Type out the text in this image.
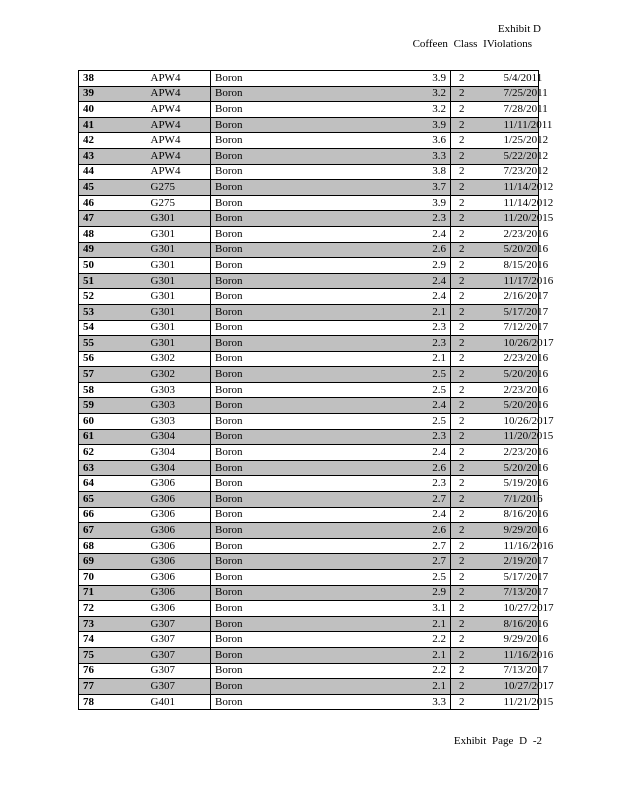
Exhibit D
Coffeen Class IViolations
38	APW4	Boron	3.9	2	5/4/2011
39	APW4	Boron	3.2	2	7/25/2011
40	APW4	Boron	3.2	2	7/28/2011
41	APW4	Boron	3.9	2	11/11/2011
42	APW4	Boron	3.6	2	1/25/2012
43	APW4	Boron	3.3	2	5/22/2012
44	APW4	Boron	3.8	2	7/23/2012
45	G275	Boron	3.7	2	11/14/2012
46	G275	Boron	3.9	2	11/14/2012
47	G301	Boron	2.3	2	11/20/2015
48	G301	Boron	2.4	2	2/23/2016
49	G301	Boron	2.6	2	5/20/2016
50	G301	Boron	2.9	2	8/15/2016
51	G301	Boron	2.4	2	11/17/2016
52	G301	Boron	2.4	2	2/16/2017
53	G301	Boron	2.1	2	5/17/2017
54	G301	Boron	2.3	2	7/12/2017
55	G301	Boron	2.3	2	10/26/2017
56	G302	Boron	2.1	2	2/23/2016
57	G302	Boron	2.5	2	5/20/2016
58	G303	Boron	2.5	2	2/23/2016
59	G303	Boron	2.4	2	5/20/2016
60	G303	Boron	2.5	2	10/26/2017
61	G304	Boron	2.3	2	11/20/2015
62	G304	Boron	2.4	2	2/23/2016
63	G304	Boron	2.6	2	5/20/2016
64	G306	Boron	2.3	2	5/19/2016
65	G306	Boron	2.7	2	7/1/2016
66	G306	Boron	2.4	2	8/16/2016
67	G306	Boron	2.6	2	9/29/2016
68	G306	Boron	2.7	2	11/16/2016
69	G306	Boron	2.7	2	2/19/2017
70	G306	Boron	2.5	2	5/17/2017
71	G306	Boron	2.9	2	7/13/2017
72	G306	Boron	3.1	2	10/27/2017
73	G307	Boron	2.1	2	8/16/2016
74	G307	Boron	2.2	2	9/29/2016
75	G307	Boron	2.1	2	11/16/2016
76	G307	Boron	2.2	2	7/13/2017
77	G307	Boron	2.1	2	10/27/2017
78	G401	Boron	3.3	2	11/21/2015
Exhibit Page D -2
